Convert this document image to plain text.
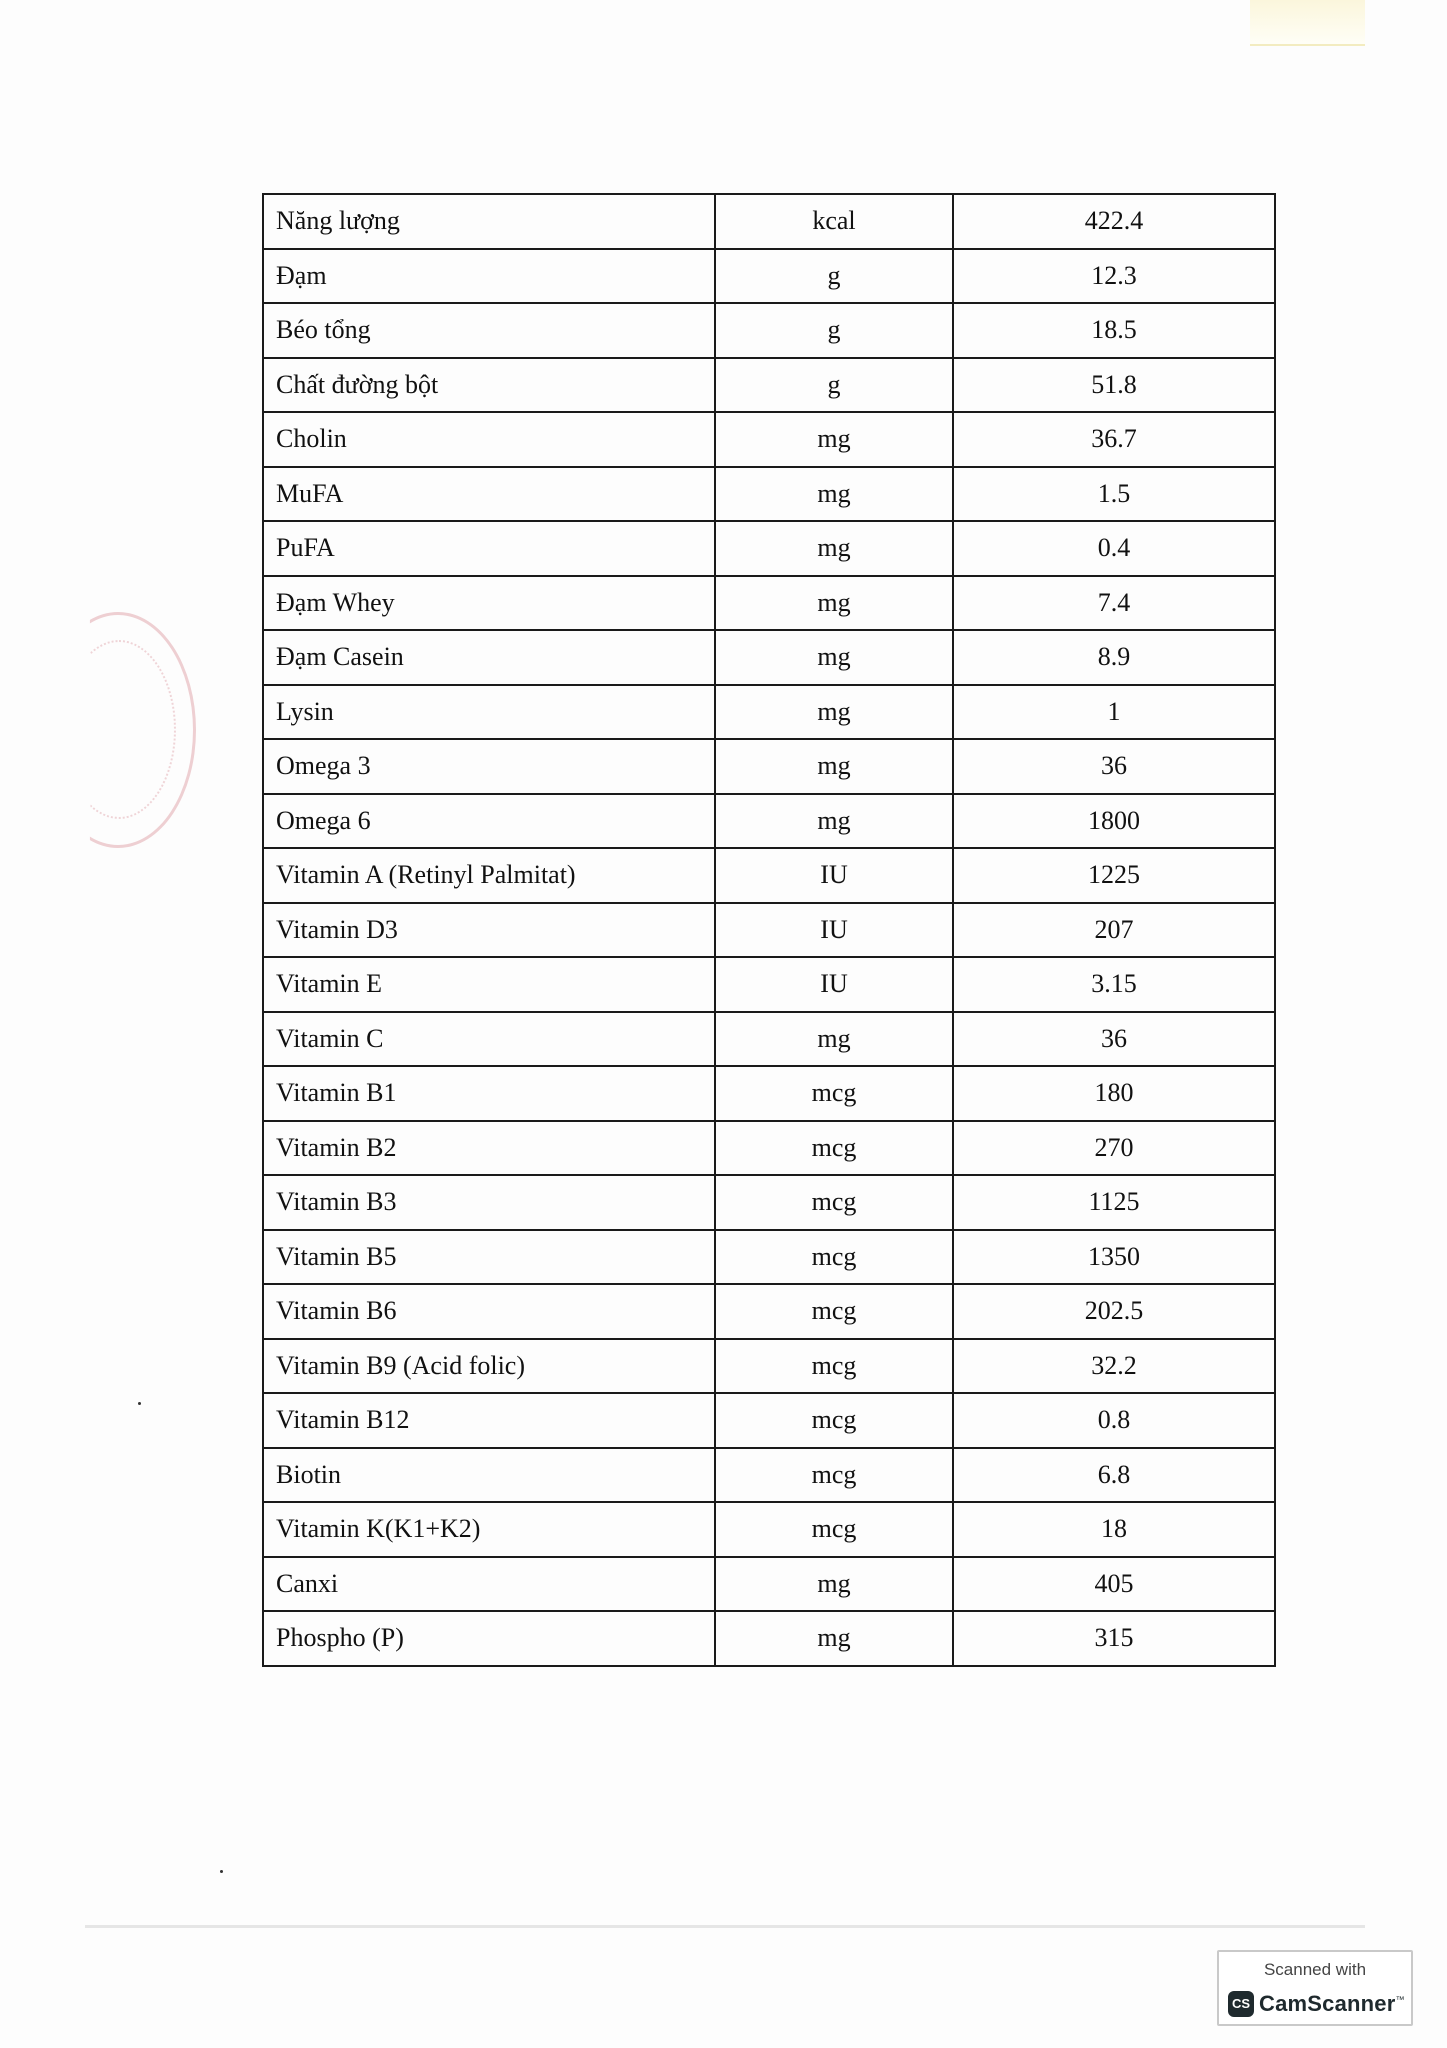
Năng lượng	kcal	422.4
Đạm	g	12.3
Béo tổng	g	18.5
Chất đường bột	g	51.8
Cholin	mg	36.7
MuFA	mg	1.5
PuFA	mg	0.4
Đạm Whey	mg	7.4
Đạm Casein	mg	8.9
Lysin	mg	1
Omega 3	mg	36
Omega 6	mg	1800
Vitamin A (Retinyl Palmitat)	IU	1225
Vitamin D3	IU	207
Vitamin E	IU	3.15
Vitamin C	mg	36
Vitamin B1	mcg	180
Vitamin B2	mcg	270
Vitamin B3	mcg	1125
Vitamin B5	mcg	1350
Vitamin B6	mcg	202.5
Vitamin B9 (Acid folic)	mcg	32.2
Vitamin B12	mcg	0.8
Biotin	mcg	6.8
Vitamin K(K1+K2)	mcg	18
Canxi	mg	405
Phospho (P)	mg	315
Scanned with
CS CamScanner™
